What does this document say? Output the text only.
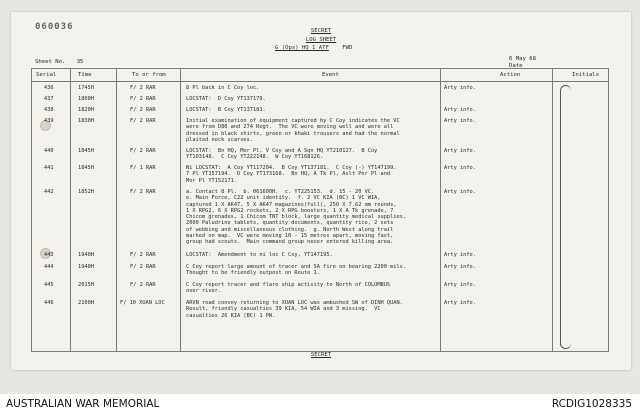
060036	SECRET
LOG SHEET
G (Ops) HQ 1 ATF FWD
Sheet No. 35	6 May 68
Date
Serial	Time	To or from	Event	Action	Initials
436	1745H	F/ 2 RAR	8 Pl back in C Coy loc.	Arty info.
437	1800H	F/ 2 RAR	LOCSTAT:  D Coy YT137179.
438	1820H	F/ 2 RAR	LOCSTAT:  B Coy YT137181.	Arty info.
439	1830H	F/ 2 RAR	Initial examination of equipment captured by C Coy indicates the VC
were from D80 and 274 Regt.  The VC were moving well and were all
dressed in black shirts, green or khaki trousers and had the normal
plaited neck scarves.
Arty info.
440	1845H	F/ 2 RAR	LOCSTAT:  Bn HQ, Mor Pl, V Coy and A Sqn HQ YT210127.  B Coy
YT103148.  C Coy YT222148.  W Coy YT168126.
Arty info.
441	1845H	F/ 1 RAR	Ni LOCSTAT:  A Coy YT117204.  B Coy YT137181.  C Coy (-) YT147199.
7 Pl YT157194.  D Coy YT173168.  Bn HQ, A Tk Pl, Aslt Pnr Pl and
Mor Pl YT152171.
Arty info.
442	1852H	F/ 2 RAR	a. Contact 8 Pl.  b. 061600H.  c. YT225153.  d. 15 - 20 VC.
e. Main Force, C22 unit identity.  f. 2 VC KIA (BC) 1 VC WIA,
captured 1 X AK47, 5 X AK47 magazines(full), 250 X 7.62 mm rounds,
1 X RPG2, 6 X RPG2 rockets, 2 X RPG boosters, 1 X A Tk grenade, 7
Chicom grenades, 1 Chicom TNT block, large quantity medical supplies,
2000 Paludrine tablets, quantity documents, quantity rice, 2 sets
of webbing and miscellaneous clothing.  g. North West along trail
marked on map.  VC were moving 10 - 15 metres apart, moving fast,
group had scouts.  Main command group never entered killing area.
Arty info.
443	1940H	F/ 2 RAR	LOCSTAT:  Amendment to ni loc C Coy, YT147195.	Arty info.
444	1940H	F/ 2 RAR	C Coy report large amount of tracer and SA fire on bearing 2200 mils.
Thought to be friendly outpost on Route 1.
Arty info.
445	2015H	F/ 2 RAR	C Coy report tracer and flare ship activity to North of COLUMBUS
over river.
Arty info.
446	2100H	F/ 10 XUAN LOC	ARVN road convoy returning to XUAN LOC was ambushed SW of DINH QUAN.
Result, friendly casualties 39 KIA, 54 WIA and 3 missing.  VC
casualties 26 KIA (BC) 1 PW.
Arty info.
SECRET
AUSTRALIAN WAR MEMORIAL	RCDIG1028335
